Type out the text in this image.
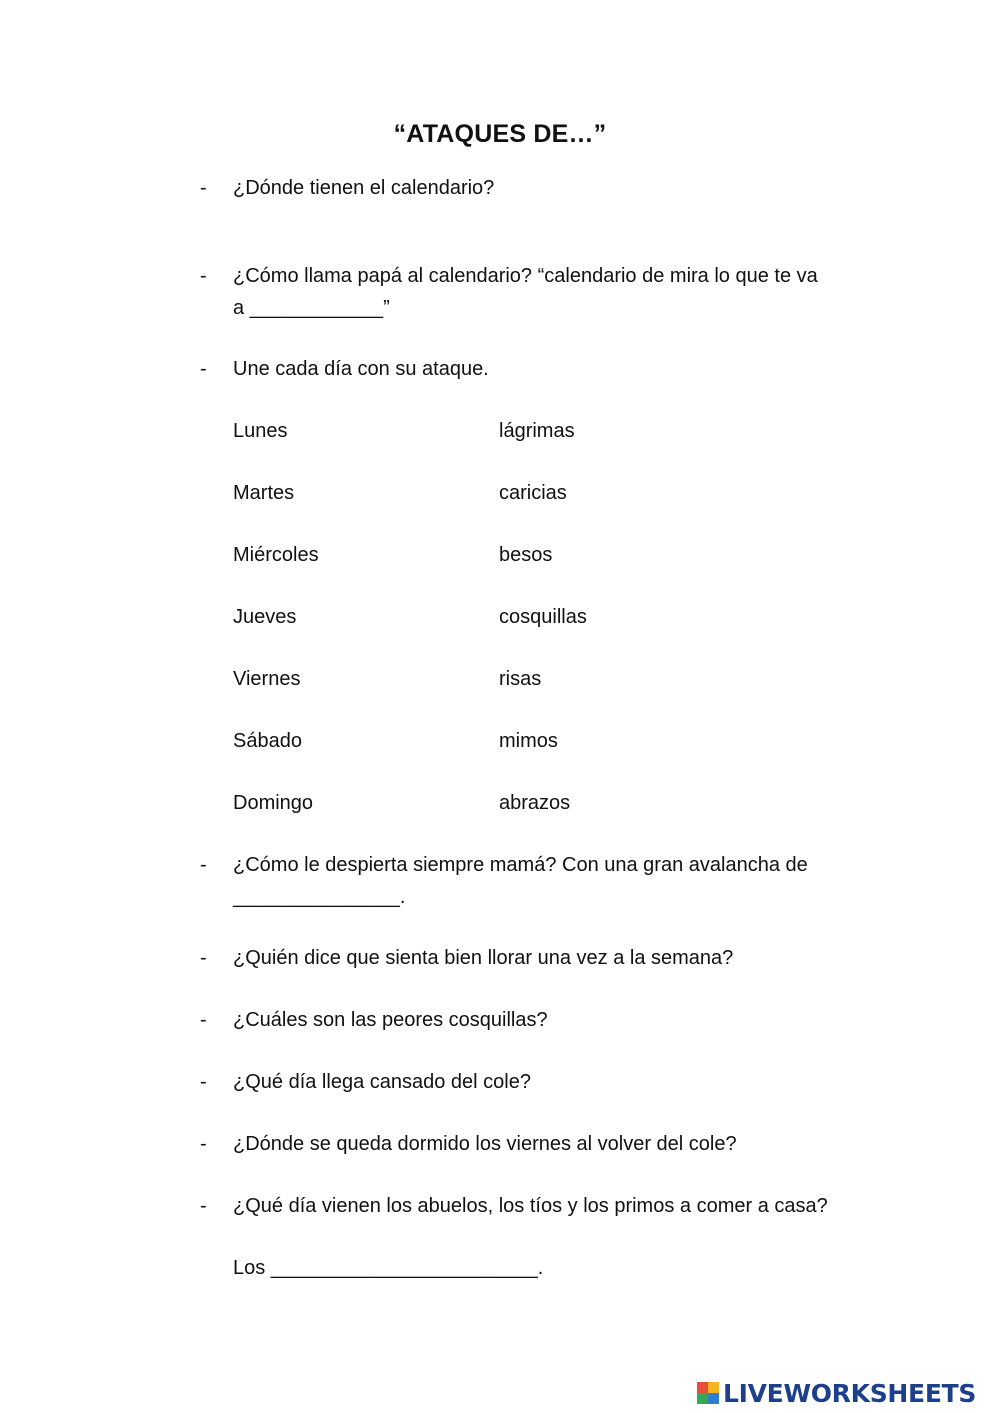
“ATAQUES DE…”
- ¿Dónde tienen el calendario?
- ¿Cómo llama papá al calendario? “calendario de mira lo que te va
a ____________”
- Une cada día con su ataque.
Lunes
Martes
Miércoles
Jueves
Viernes
Sábado
Domingo
lágrimas
caricias
besos
cosquillas
risas
mimos
abrazos
- ¿Cómo le despierta siempre mamá? Con una gran avalancha de
_______________.
- ¿Quién dice que sienta bien llorar una vez a la semana?
- ¿Cuáles son las peores cosquillas?
- ¿Qué día llega cansado del cole?
- ¿Dónde se queda dormido los viernes al volver del cole?
- ¿Qué día vienen los abuelos, los tíos y los primos a comer a casa?
Los ________________________.
LIVEWORKSHEETS
